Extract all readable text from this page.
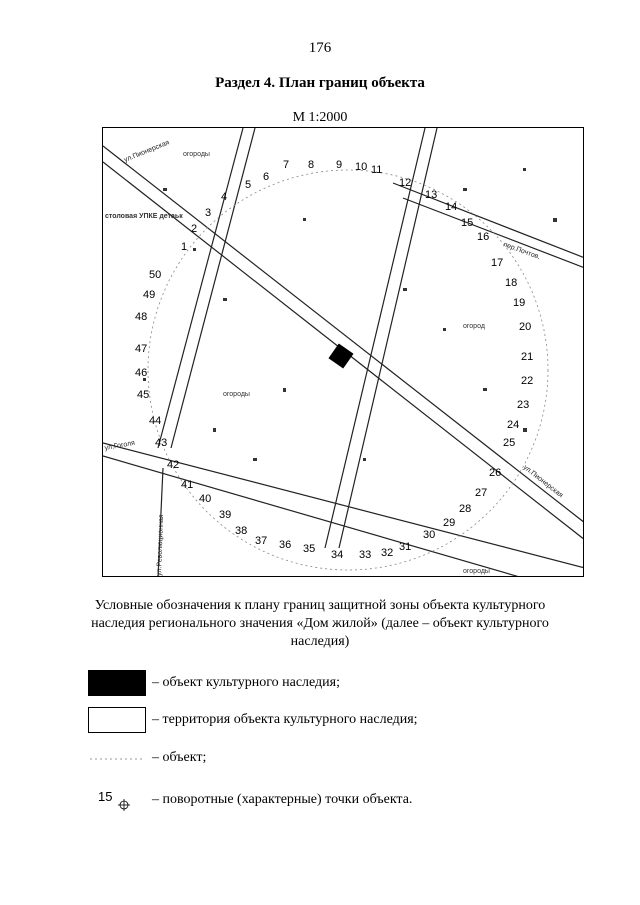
176
Раздел 4. План границ объекта
М 1:2000
ул.Пионерская
ул.Революционная
пер.Почтов.
ул.Пионерская
ул.Гоголя
огороды
огороды
огород
огороды
столовая УПКЕ детаьк
1
2
3
4
5
6
7 8 9 10 11
12
13
14
15
16
17
18
19
20
21
22
23
24
25
26
27
28
29
30
31
32
33
34
35
36
37
38
39
40
41
42
43
44
45
46
47
48
49
50
Условные обозначения к плану границ защитной зоны объекта культурного наследия регионального значения «Дом жилой» (далее – объект культурного наследия)
– объект культурного наследия;
– территория объекта культурного наследия;
– объект;
15	– поворотные (характерные) точки объекта.
